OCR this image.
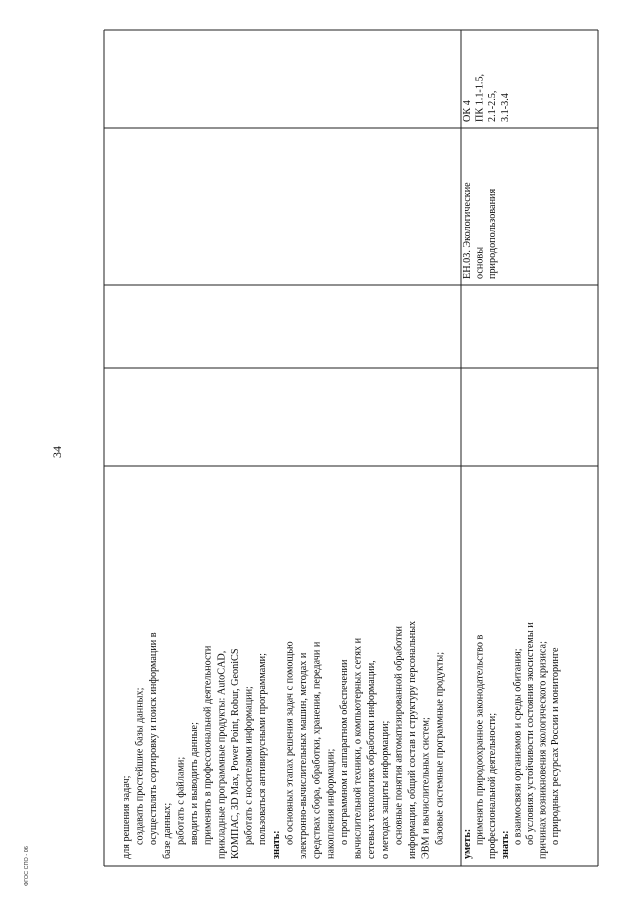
34
для решения задач; создавать простейшие базы данных; осуществлять сортировку и поиск информации в базе данных; работать с файлами; вводить и выводить данные; применять в профессиональной деятельности прикладные программные продукты: AutoCAD, КОМПАС, 3D Max, Power Point, Robur, GeoniCS работать с носителями информации; пользоваться антивирусными программами; знать: об основных этапах решения задач с помощью электронно-вычислительных машин, методах и средствах сбора, обработки, хранения, передачи и накопления информации; о программном и аппаратном обеспечении вычислительной техники, о компьютерных сетях и сетевых технологиях обработки информации, о методах защиты информации; основные понятия автоматизированной обработки информации, общий состав и структуру персональных ЭВМ и вычислительных систем; базовые системные программные продукты; уметь: применять природоохранное законодательство в профессиональной деятельности; знать: о взаимосвязи организмов и среды обитания; об условиях устойчивости состояния экосистемы и причинах возникновения экологического кризиса; о природных ресурсах России и мониторинге
ЕН.03. Экологические основы природопользования
ОК 4 ПК 1.1-1.5, 2.1-2.5, 3.1-3.4
ФГОС СПО - 06
